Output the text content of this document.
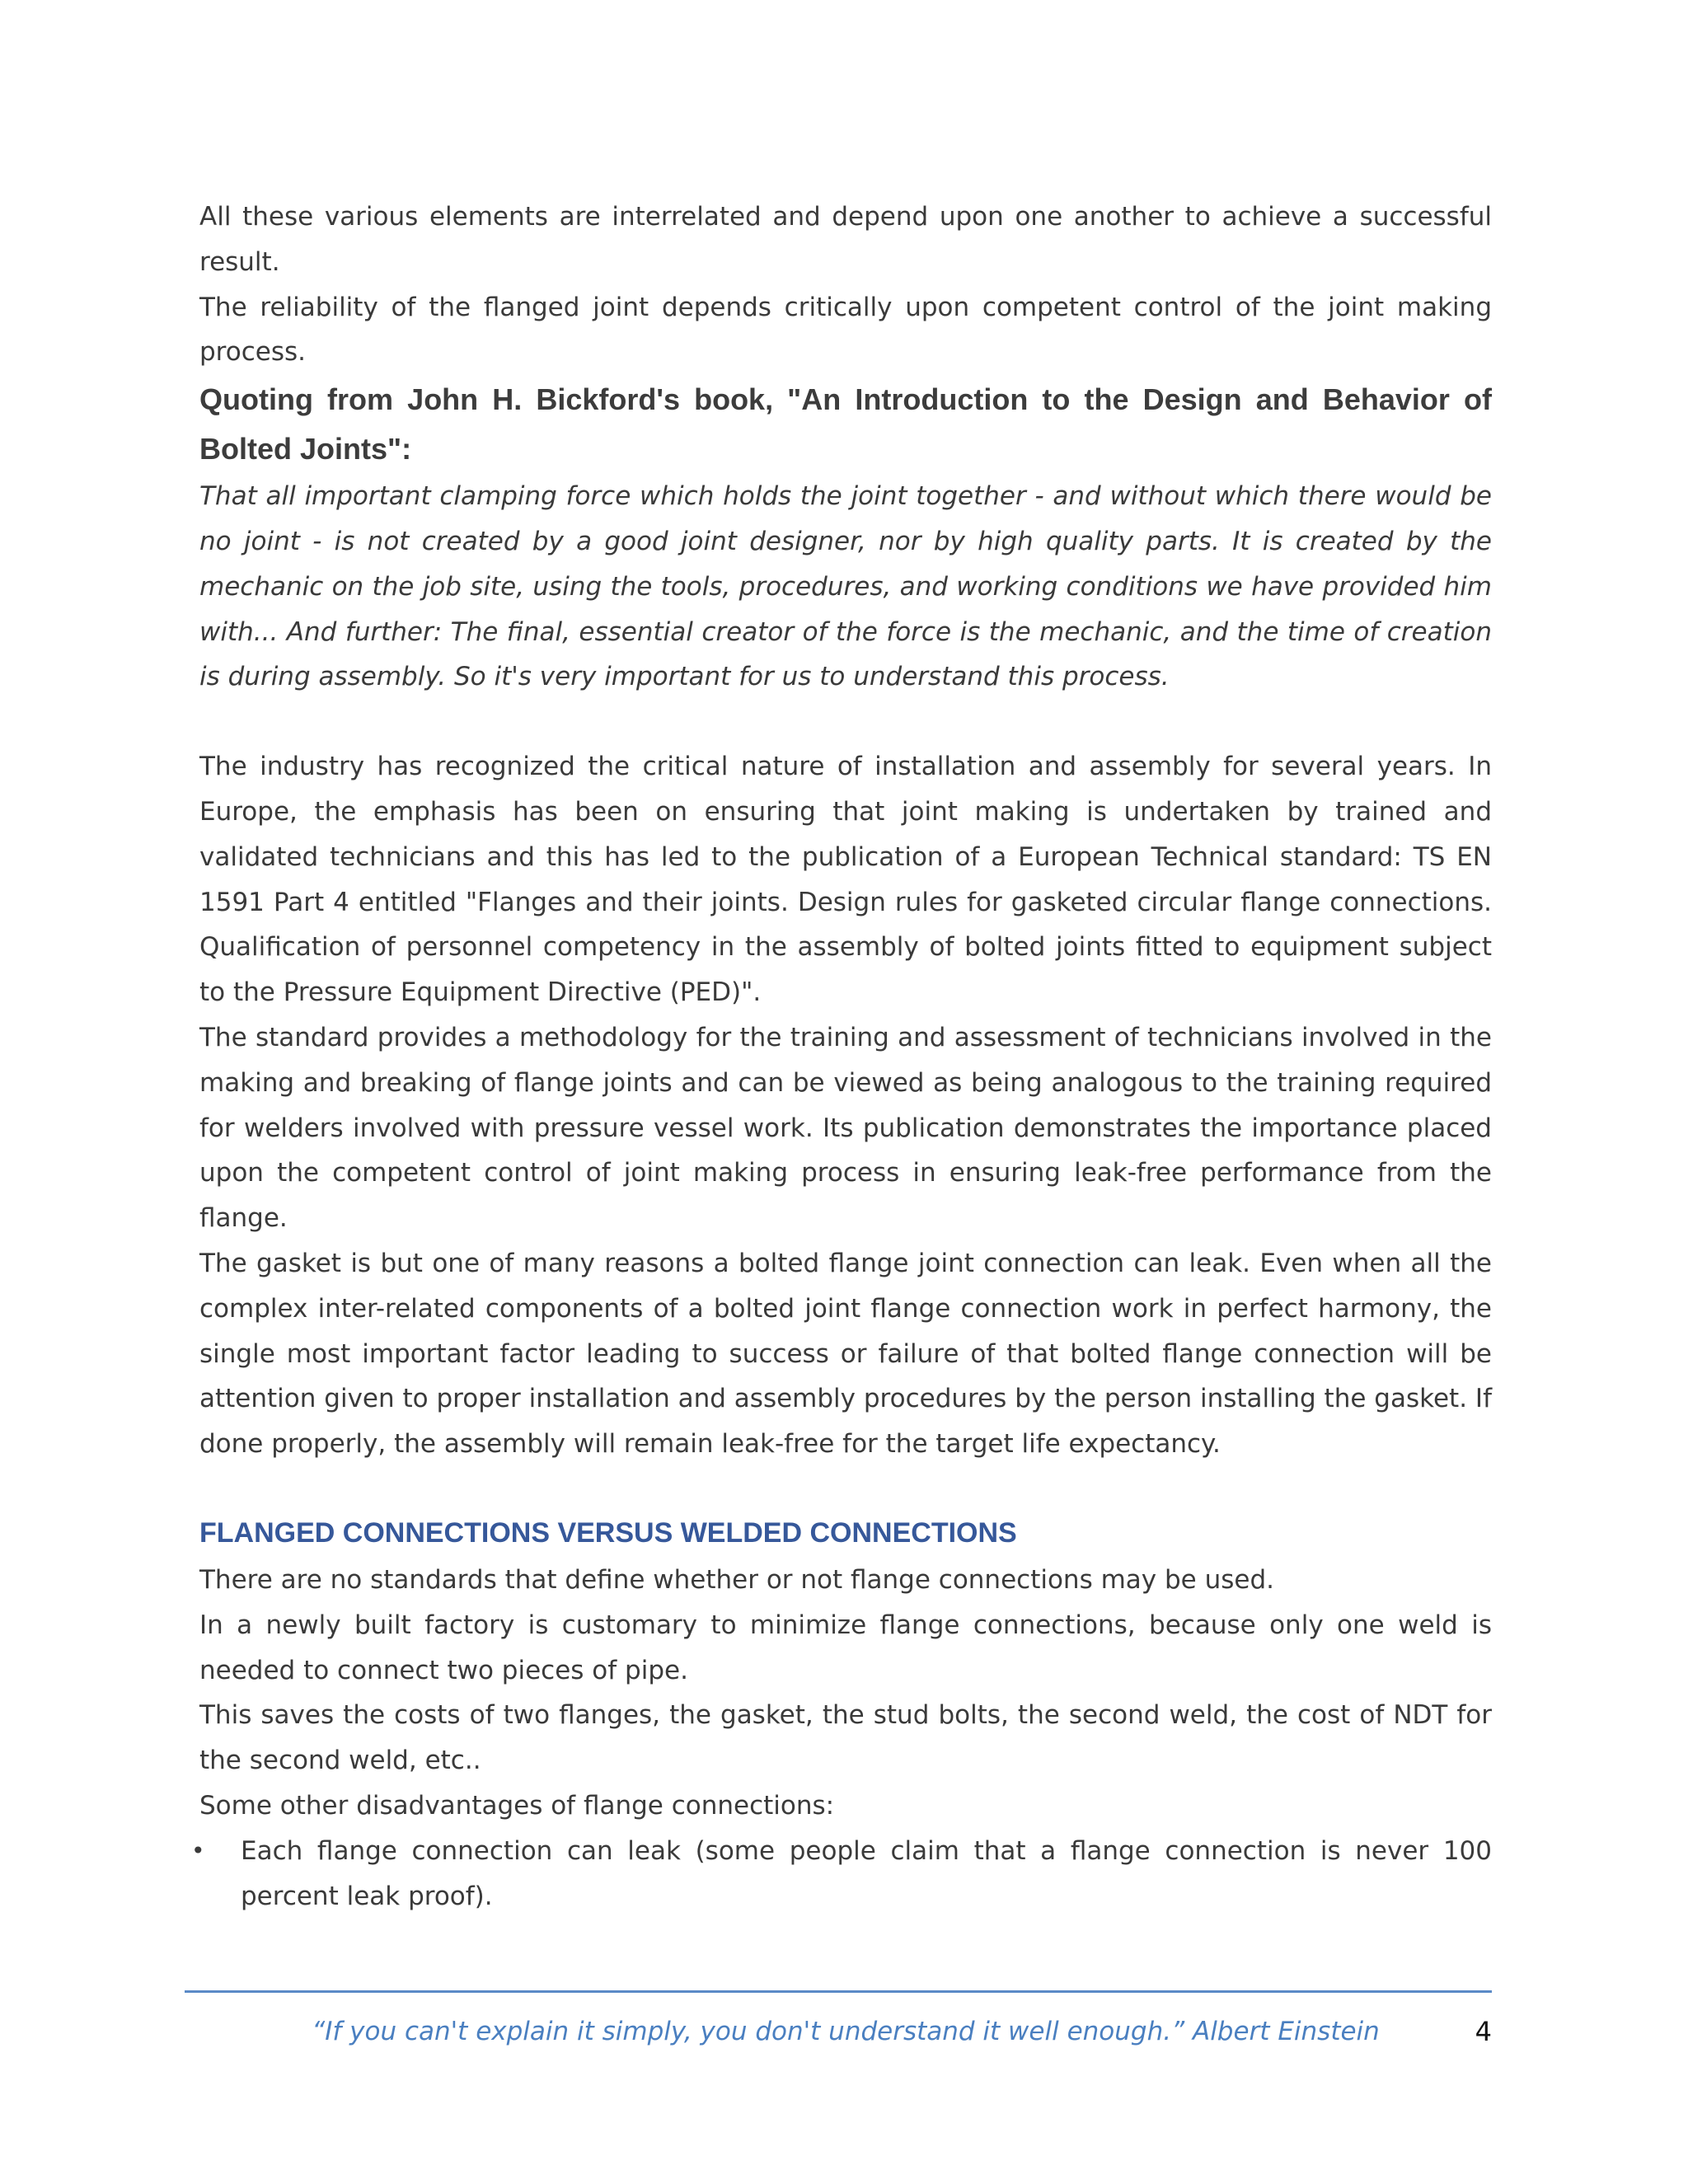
All these various elements are interrelated and depend upon one another to achieve a successful result.

The reliability of the flanged joint depends critically upon competent control of the joint making process.

Quoting from John H. Bickford's book, "An Introduction to the Design and Behavior of Bolted Joints":

That all important clamping force which holds the joint together - and without which there would be no joint - is not created by a good joint designer, nor by high quality parts. It is created by the mechanic on the job site, using the tools, procedures, and working conditions we have provided him with... And further: The final, essential creator of the force is the mechanic, and the time of creation is during assembly. So it's very important for us to understand this process.

The industry has recognized the critical nature of installation and assembly for several years. In Europe, the emphasis has been on ensuring that joint making is undertaken by trained and validated technicians and this has led to the publication of a European Technical standard: TS EN 1591 Part 4 entitled "Flanges and their joints. Design rules for gasketed circular flange connections. Qualification of personnel competency in the assembly of bolted joints fitted to equipment subject to the Pressure Equipment Directive (PED)".

The standard provides a methodology for the training and assessment of technicians involved in the making and breaking of flange joints and can be viewed as being analogous to the training required for welders involved with pressure vessel work. Its publication demonstrates the importance placed upon the competent control of joint making process in ensuring leak-free performance from the flange.

The gasket is but one of many reasons a bolted flange joint connection can leak. Even when all the complex inter-related components of a bolted joint flange connection work in perfect harmony, the single most important factor leading to success or failure of that bolted flange connection will be attention given to proper installation and assembly procedures by the person installing the gasket. If done properly, the assembly will remain leak-free for the target life expectancy.

FLANGED CONNECTIONS VERSUS WELDED CONNECTIONS

There are no standards that define whether or not flange connections may be used.

In a newly built factory is customary to minimize flange connections, because only one weld is needed to connect two pieces of pipe.

This saves the costs of two flanges, the gasket, the stud bolts, the second weld, the cost of NDT for the second weld, etc..

Some other disadvantages of flange connections:

• Each flange connection can leak (some people claim that a flange connection is never 100 percent leak proof).
“If you can't explain it simply, you don't understand it well enough.” Albert Einstein	4
